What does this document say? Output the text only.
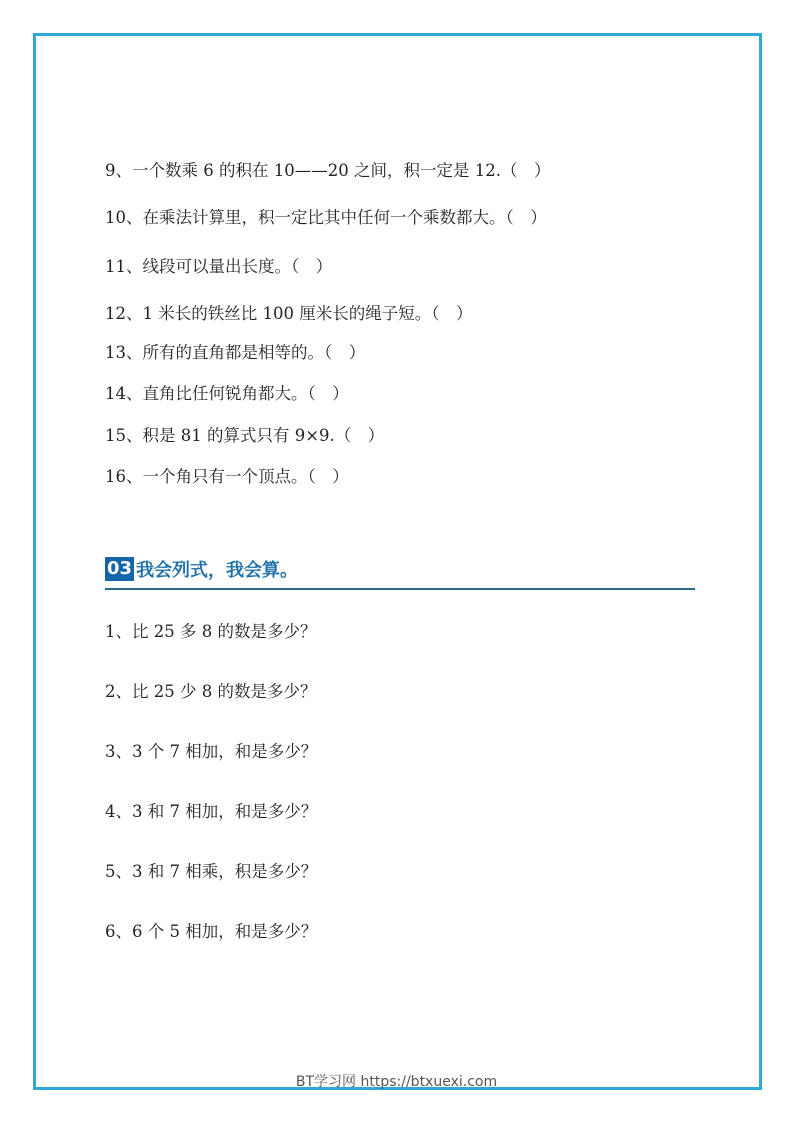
9、一个数乘 6 的积在 10——20 之间，积一定是 12.（　）
10、在乘法计算里，积一定比其中任何一个乘数都大。（　）
11、线段可以量出长度。（　）
12、1 米长的铁丝比 100 厘米长的绳子短。（　）
13、所有的直角都是相等的。（　）
14、直角比任何锐角都大。（　）
15、积是 81 的算式只有 9×9.（　）
16、一个角只有一个顶点。（　）
03 我会列式，我会算。
1、比 25 多 8 的数是多少？
2、比 25 少 8 的数是多少？
3、3 个 7 相加，和是多少？
4、3 和 7 相加，和是多少？
5、3 和 7 相乘，积是多少？
6、6 个 5 相加，和是多少？
BT学习网 https://btxuexi.com
